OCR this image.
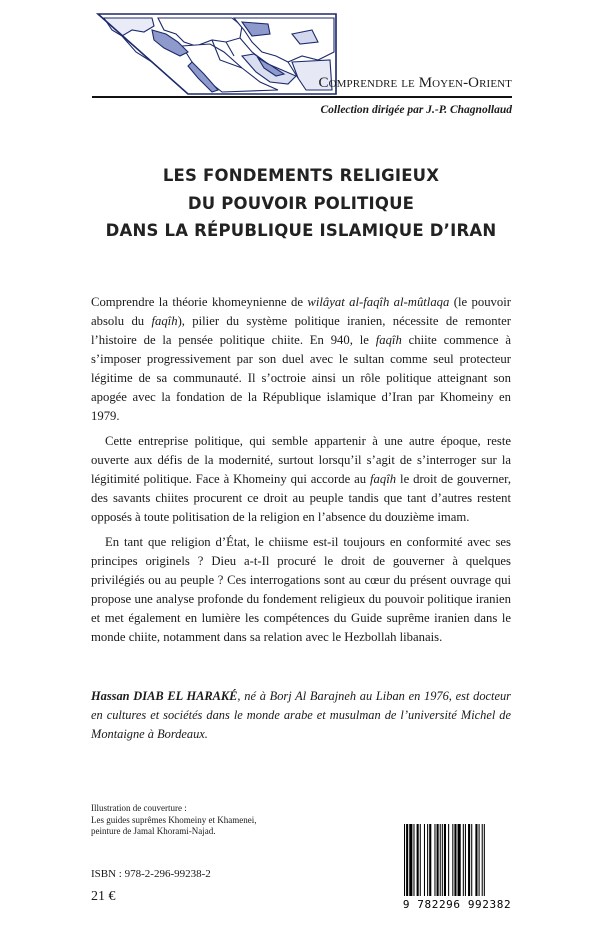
Comprendre le Moyen-Orient
Collection dirigée par J.-P. Chagnollaud
LES FONDEMENTS RELIGIEUX
DU POUVOIR POLITIQUE
DANS LA RÉPUBLIQUE ISLAMIQUE D’IRAN

Comprendre la théorie khomeynienne de wilâyat al-faqîh al-mûtlaqa (le pouvoir absolu du faqîh), pilier du système politique iranien, nécessite de remonter l’histoire de la pensée politique chiite. En 940, le faqîh chiite commence à s’imposer progressivement par son duel avec le sultan comme seul protecteur légitime de sa communauté. Il s’octroie ainsi un rôle politique atteignant son apogée avec la fondation de la République islamique d’Iran par Khomeiny en 1979.

Cette entreprise politique, qui semble appartenir à une autre époque, reste ouverte aux défis de la modernité, surtout lorsqu’il s’agit de s’interroger sur la légitimité politique. Face à Khomeiny qui accorde au faqîh le droit de gouverner, des savants chiites procurent ce droit au peuple tandis que tant d’autres restent opposés à toute politisation de la religion en l’absence du douzième imam.

En tant que religion d’État, le chiisme est-il toujours en conformité avec ses principes originels ? Dieu a-t-Il procuré le droit de gouverner à quelques privilégiés ou au peuple ? Ces interrogations sont au cœur du présent ouvrage qui propose une analyse profonde du fondement religieux du pouvoir politique iranien et met également en lumière les compétences du Guide suprême iranien dans le monde chiite, notamment dans sa relation avec le Hezbollah libanais.

Hassan DIAB EL HARAKÉ, né à Borj Al Barajneh au Liban en 1976, est docteur en cultures et sociétés dans le monde arabe et musulman de l’université Michel de Montaigne à Bordeaux.
Illustration de couverture :
Les guides suprêmes Khomeiny et Khamenei,
peinture de Jamal Khorami-Najad.
ISBN : 978-2-296-99238-2
21 €
9 782296 992382
